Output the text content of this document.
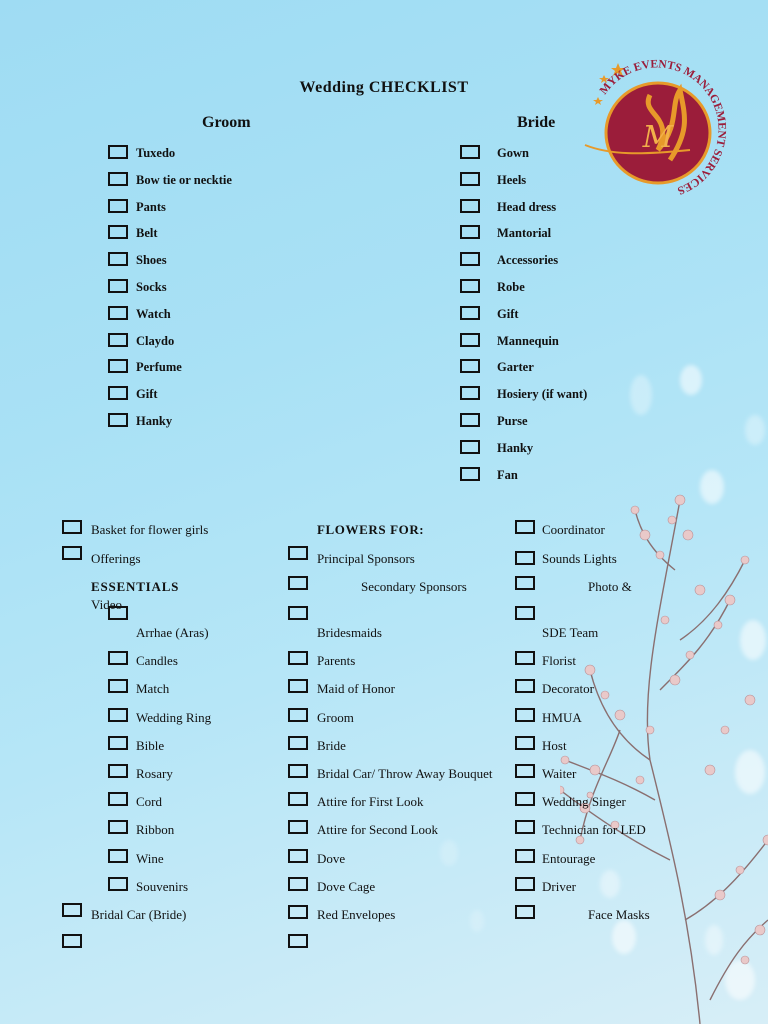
M
MYKE EVENTS MANAGEMENT SERVICES
Wedding CHECKLIST
Groom	Bride
Tuxedo
Bow tie or necktie
Pants
Belt
Shoes
Socks
Watch
Claydo
Perfume
Gift
Hanky
Gown
Heels
Head dress
Mantorial
Accessories
Robe
Gift
Mannequin
Garter
Hosiery (if want)
Purse
Hanky
Fan
Basket for flower girls
Offerings
ESSENTIALS
Video
Arrhae (Aras)
Candles
Match
Wedding Ring
Bible
Rosary
Cord
Ribbon
Wine
Souvenirs
Bridal Car (Bride)
FLOWERS FOR:
Principal Sponsors
Secondary Sponsors
Bridesmaids
Parents
Maid of Honor
Groom
Bride
Bridal Car/ Throw Away Bouquet
Attire for First Look
Attire for Second Look
Dove
Dove Cage
Red Envelopes
Coordinator
Sounds Lights
Photo &
SDE Team
Florist
Decorator
HMUA
Host
Waiter
Wedding Singer
Technician for LED
Entourage
Driver
Face Masks
